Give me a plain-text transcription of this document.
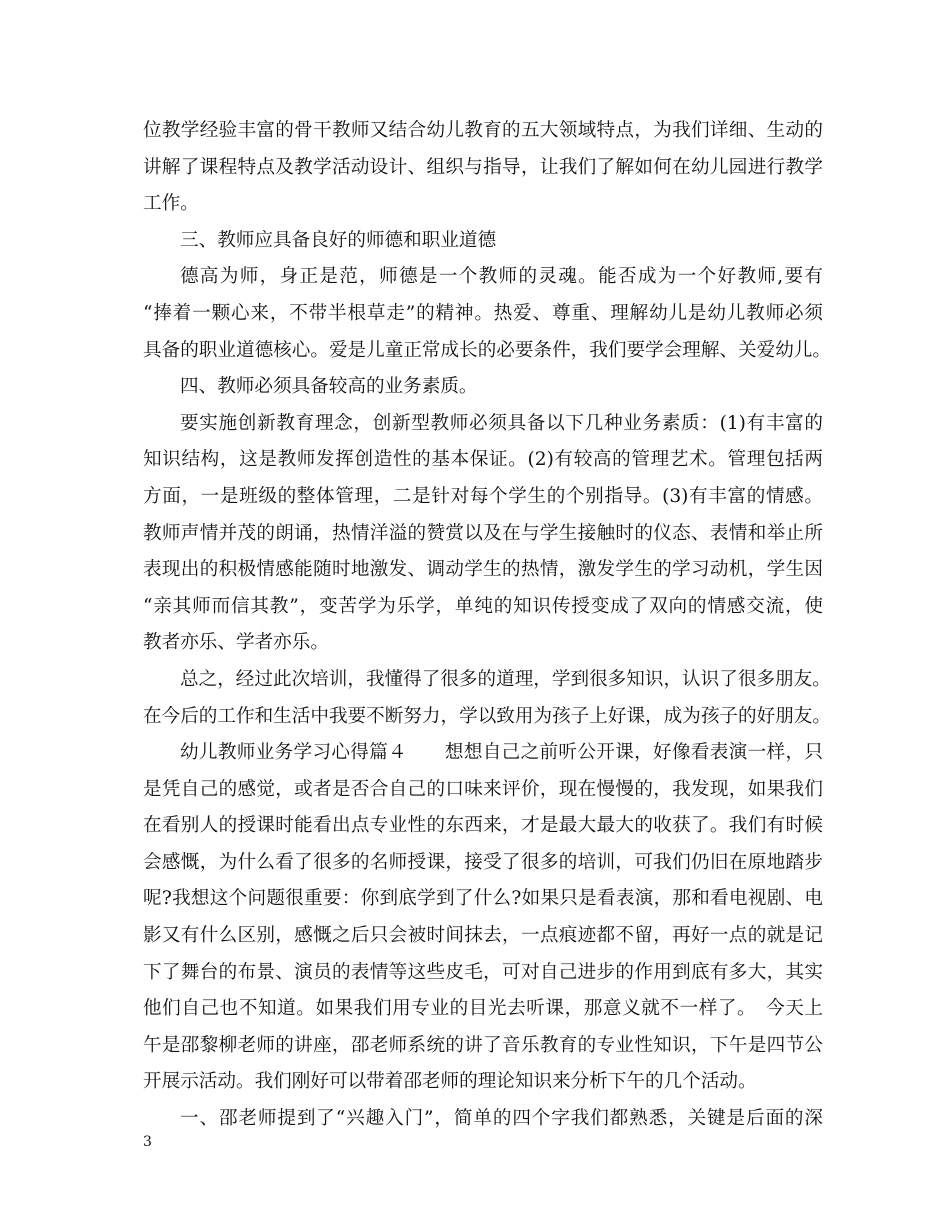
位教学经验丰富的骨干教师又结合幼儿教育的五大领域特点，为我们详细、生动的
讲解了课程特点及教学活动设计、组织与指导，让我们了解如何在幼儿园进行教学
工作。
三、教师应具备良好的师德和职业道德
德高为师，身正是范，师德是一个教师的灵魂。能否成为一个好教师,要有
“捧着一颗心来，不带半根草走”的精神。热爱、尊重、理解幼儿是幼儿教师必须
具备的职业道德核心。爱是儿童正常成长的必要条件，我们要学会理解、关爱幼儿。
四、教师必须具备较高的业务素质。
要实施创新教育理念，创新型教师必须具备以下几种业务素质：(1)有丰富的
知识结构，这是教师发挥创造性的基本保证。(2)有较高的管理艺术。管理包括两
方面，一是班级的整体管理，二是针对每个学生的个别指导。(3)有丰富的情感。
教师声情并茂的朗诵，热情洋溢的赞赏以及在与学生接触时的仪态、表情和举止所
表现出的积极情感能随时地激发、调动学生的热情，激发学生的学习动机，学生因
“亲其师而信其教”，变苦学为乐学，单纯的知识传授变成了双向的情感交流，使
教者亦乐、学者亦乐。
总之，经过此次培训，我懂得了很多的道理，学到很多知识，认识了很多朋友。
在今后的工作和生活中我要不断努力，学以致用为孩子上好课，成为孩子的好朋友。
幼儿教师业务学习心得篇４　　想想自己之前听公开课，好像看表演一样，只
是凭自己的感觉，或者是否合自己的口味来评价，现在慢慢的，我发现，如果我们
在看别人的授课时能看出点专业性的东西来，才是最大最大的收获了。我们有时候
会感慨，为什么看了很多的名师授课，接受了很多的培训，可我们仍旧在原地踏步
呢?我想这个问题很重要：你到底学到了什么?如果只是看表演，那和看电视剧、电
影又有什么区别，感慨之后只会被时间抹去，一点痕迹都不留，再好一点的就是记
下了舞台的布景、演员的表情等这些皮毛，可对自己进步的作用到底有多大，其实
他们自己也不知道。如果我们用专业的目光去听课，那意义就不一样了。　今天上
午是邵黎柳老师的讲座，邵老师系统的讲了音乐教育的专业性知识，下午是四节公
开展示活动。我们刚好可以带着邵老师的理论知识来分析下午的几个活动。
一、邵老师提到了“兴趣入门”，简单的四个字我们都熟悉，关键是后面的深
3
